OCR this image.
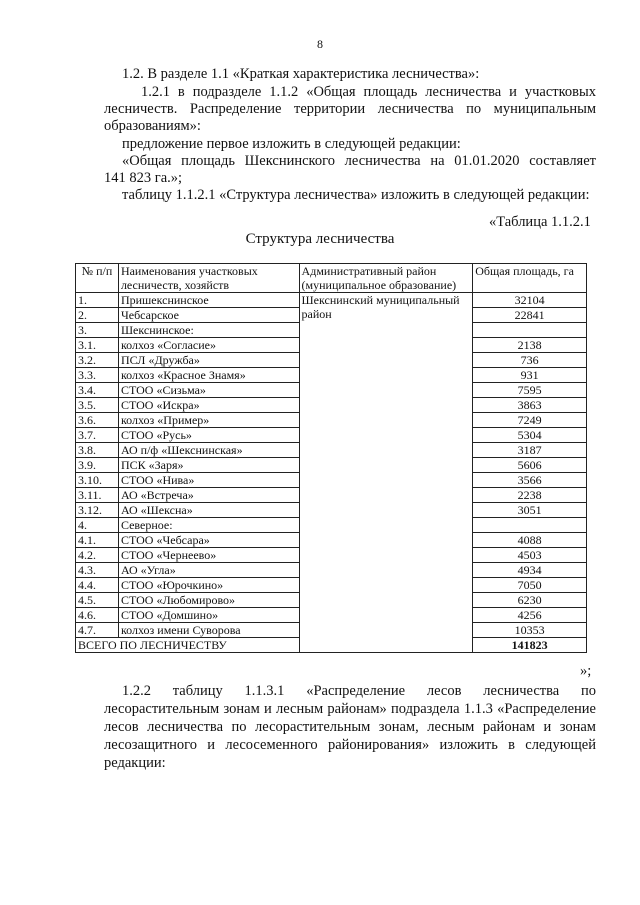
8
1.2. В разделе 1.1 «Краткая характеристика лесничества»:
1.2.1 в подразделе 1.1.2 «Общая площадь лесничества и участковых
лесничеств. Распределение территории лесничества по муниципальным
образованиям»:
предложение первое изложить в следующей редакции:
«Общая площадь Шекснинского лесничества на 01.01.2020 составляет
141 823 га.»;
таблицу 1.1.2.1 «Структура лесничества» изложить в следующей редакции:
«Таблица 1.1.2.1
Структура лесничества
№ п/п	Наименования участковых лесничеств, хозяйств	Административный район (муниципальное образование)	Общая площадь, га
1.	Пришекснинское	Шекснинский муниципальный район	32104
2.	Чебсарское		22841
3.	Шекснинское:		
3.1.	колхоз «Согласие»		2138
3.2.	ПСЛ «Дружба»		736
3.3.	колхоз «Красное Знамя»		931
3.4.	СТОО «Сизьма»		7595
3.5.	СТОО «Искра»		3863
3.6.	колхоз «Пример»		7249
3.7.	СТОО «Русь»		5304
3.8.	АО п/ф «Шекснинская»		3187
3.9.	ПСК «Заря»		5606
3.10.	СТОО «Нива»		3566
3.11.	АО «Встреча»		2238
3.12.	АО «Шексна»		3051
4.	Северное:		
4.1.	СТОО «Чебсара»		4088
4.2.	СТОО «Чернеево»		4503
4.3.	АО «Угла»		4934
4.4.	СТОО «Юрочкино»		7050
4.5.	СТОО «Любомирово»		6230
4.6.	СТОО «Домшино»		4256
4.7.	колхоз имени Суворова		10353
ВСЕГО ПО ЛЕСНИЧЕСТВУ			141823
»;
1.2.2 таблицу 1.1.3.1 «Распределение лесов лесничества по
лесорастительным зонам и лесным районам» подраздела 1.1.3 «Распределение
лесов лесничества по лесорастительным зонам, лесным районам и зонам
лесозащитного и лесосеменного районирования» изложить в следующей
редакции:
